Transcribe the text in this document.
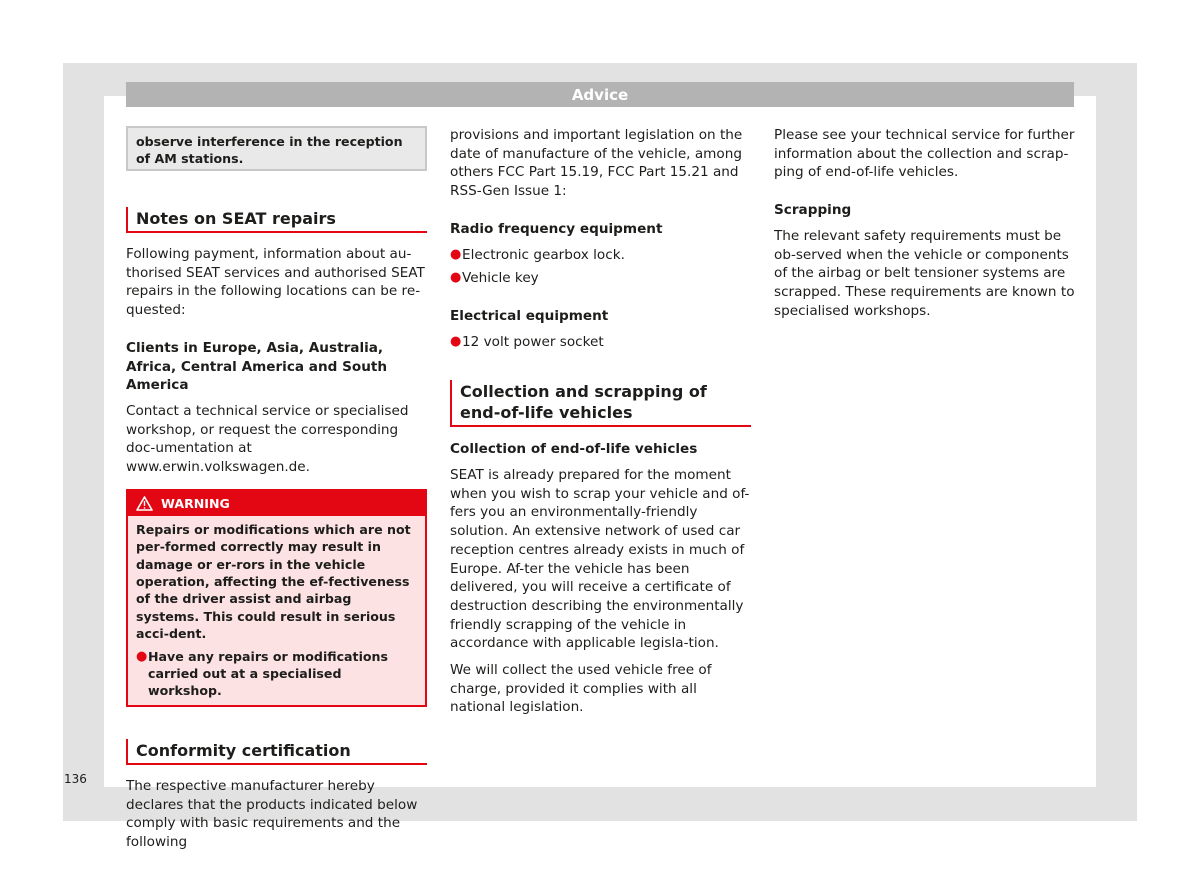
Advice
observe interference in the reception of AM stations.
Notes on SEAT repairs

Following payment, information about au-thorised SEAT services and authorised SEAT repairs in the following locations can be re-quested:

Clients in Europe, Asia, Australia, Africa, Central America and South America

Contact a technical service or specialised workshop, or request the corresponding doc-umentation at www.erwin.volkswagen.de.

WARNING

Repairs or modifications which are not per-formed correctly may result in damage or er-rors in the vehicle operation, affecting the ef-fectiveness of the driver assist and airbag systems. This could result in serious acci-dent.

● Have any repairs or modifications carried out at a specialised workshop.
Conformity certification

The respective manufacturer hereby declares that the products indicated below comply with basic requirements and the following

provisions and important legislation on the date of manufacture of the vehicle, among others FCC Part 15.19, FCC Part 15.21 and RSS-Gen Issue 1:

Radio frequency equipment

● Electronic gearbox lock.
● Vehicle key

Electrical equipment

● 12 volt power socket
Collection and scrapping of end-of-life vehicles

Collection of end-of-life vehicles

SEAT is already prepared for the moment when you wish to scrap your vehicle and of-fers you an environmentally-friendly solution. An extensive network of used car reception centres already exists in much of Europe. Af-ter the vehicle has been delivered, you will receive a certificate of destruction describing the environmentally friendly scrapping of the vehicle in accordance with applicable legisla-tion.

We will collect the used vehicle free of charge, provided it complies with all national legislation.

Please see your technical service for further information about the collection and scrap-ping of end-of-life vehicles.

Scrapping

The relevant safety requirements must be ob-served when the vehicle or components of the airbag or belt tensioner systems are scrapped. These requirements are known to specialised workshops.

136
